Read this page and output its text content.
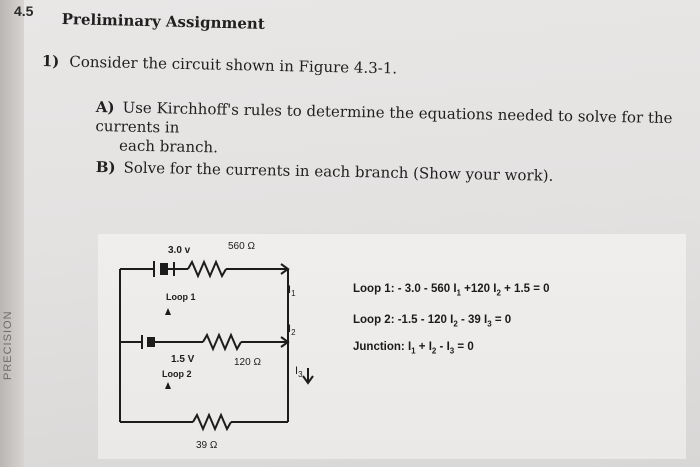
PRECISION
4.5 Preliminary Assignment
1) Consider the circuit shown in Figure 4.3-1.
A) Use Kirchhoff's rules to determine the equations needed to solve for the currents in
each branch.
B) Solve for the currents in each branch (Show your work).
3.0 v	560 Ω
$I_1$
Loop 1
$I_2$
1.5 V	120 Ω
Loop 2	$I_3$
39 Ω
Loop 1: - 3.0 - 560 $I_1 +120$ $I_2 + 1.5 = 0$
Loop 2: -1.5 - 120 $I_2 - 39$ $I_3 = 0$
Junction: $I_1 + I_2 - I_3 = 0$
